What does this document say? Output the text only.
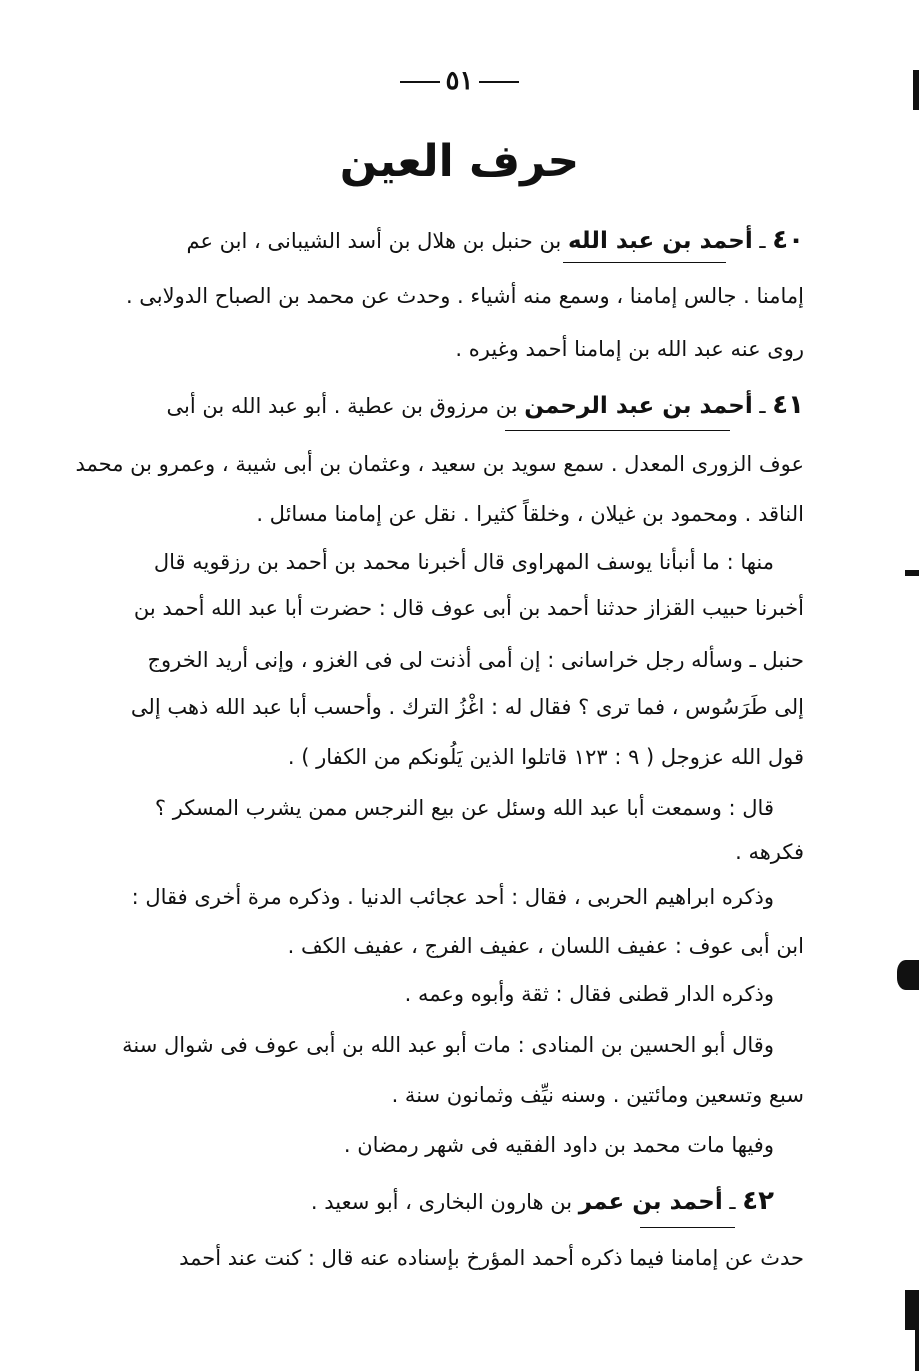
٥١
حرف العين
٤٠ ـ أحمد بن عبد الله بن حنبل بن هلال بن أسد الشيبانى ، ابن عم
إمامنا . جالس إمامنا ، وسمع منه أشياء . وحدث عن محمد بن الصباح الدولابى .
روى عنه عبد الله بن إمامنا أحمد وغيره .
٤١ ـ أحمد بن عبد الرحمن بن مرزوق بن عطية . أبو عبد الله بن أبى
عوف الزورى المعدل . سمع سويد بن سعيد ، وعثمان بن أبى شيبة ، وعمرو بن محمد
الناقد . ومحمود بن غيلان ، وخلقاً كثيرا . نقل عن إمامنا مسائل .
منها : ما أنبأنا يوسف المهراوى قال أخبرنا محمد بن أحمد بن رزقويه قال
أخبرنا حبيب القزاز حدثنا أحمد بن أبى عوف قال : حضرت أبا عبد الله أحمد بن
حنبل ـ وسأله رجل خراسانى : إن أمى أذنت لى فى الغزو ، وإنى أريد الخروج
إلى طَرَسُوس ، فما ترى ؟ فقال له : اغْزُ الترك . وأحسب أبا عبد الله ذهب إلى
قول الله عزوجل ( ٩ : ١٢٣ قاتلوا الذين يَلُونكم من الكفار ) .
قال : وسمعت أبا عبد الله وسئل عن بيع النرجس ممن يشرب المسكر ؟
فكرهه .
وذكره ابراهيم الحربى ، فقال : أحد عجائب الدنيا . وذكره مرة أخرى فقال :
ابن أبى عوف : عفيف اللسان ، عفيف الفرج ، عفيف الكف .
وذكره الدار قطنى فقال : ثقة وأبوه وعمه .
وقال أبو الحسين بن المنادى : مات أبو عبد الله بن أبى عوف فى شوال سنة
سبع وتسعين ومائتين . وسنه نيِّف وثمانون سنة .
وفيها مات محمد بن داود الفقيه فى شهر رمضان .
٤٢ ـ أحمد بن عمر بن هارون البخارى ، أبو سعيد .
حدث عن إمامنا فيما ذكره أحمد المؤرخ بإسناده عنه قال : كنت عند أحمد
